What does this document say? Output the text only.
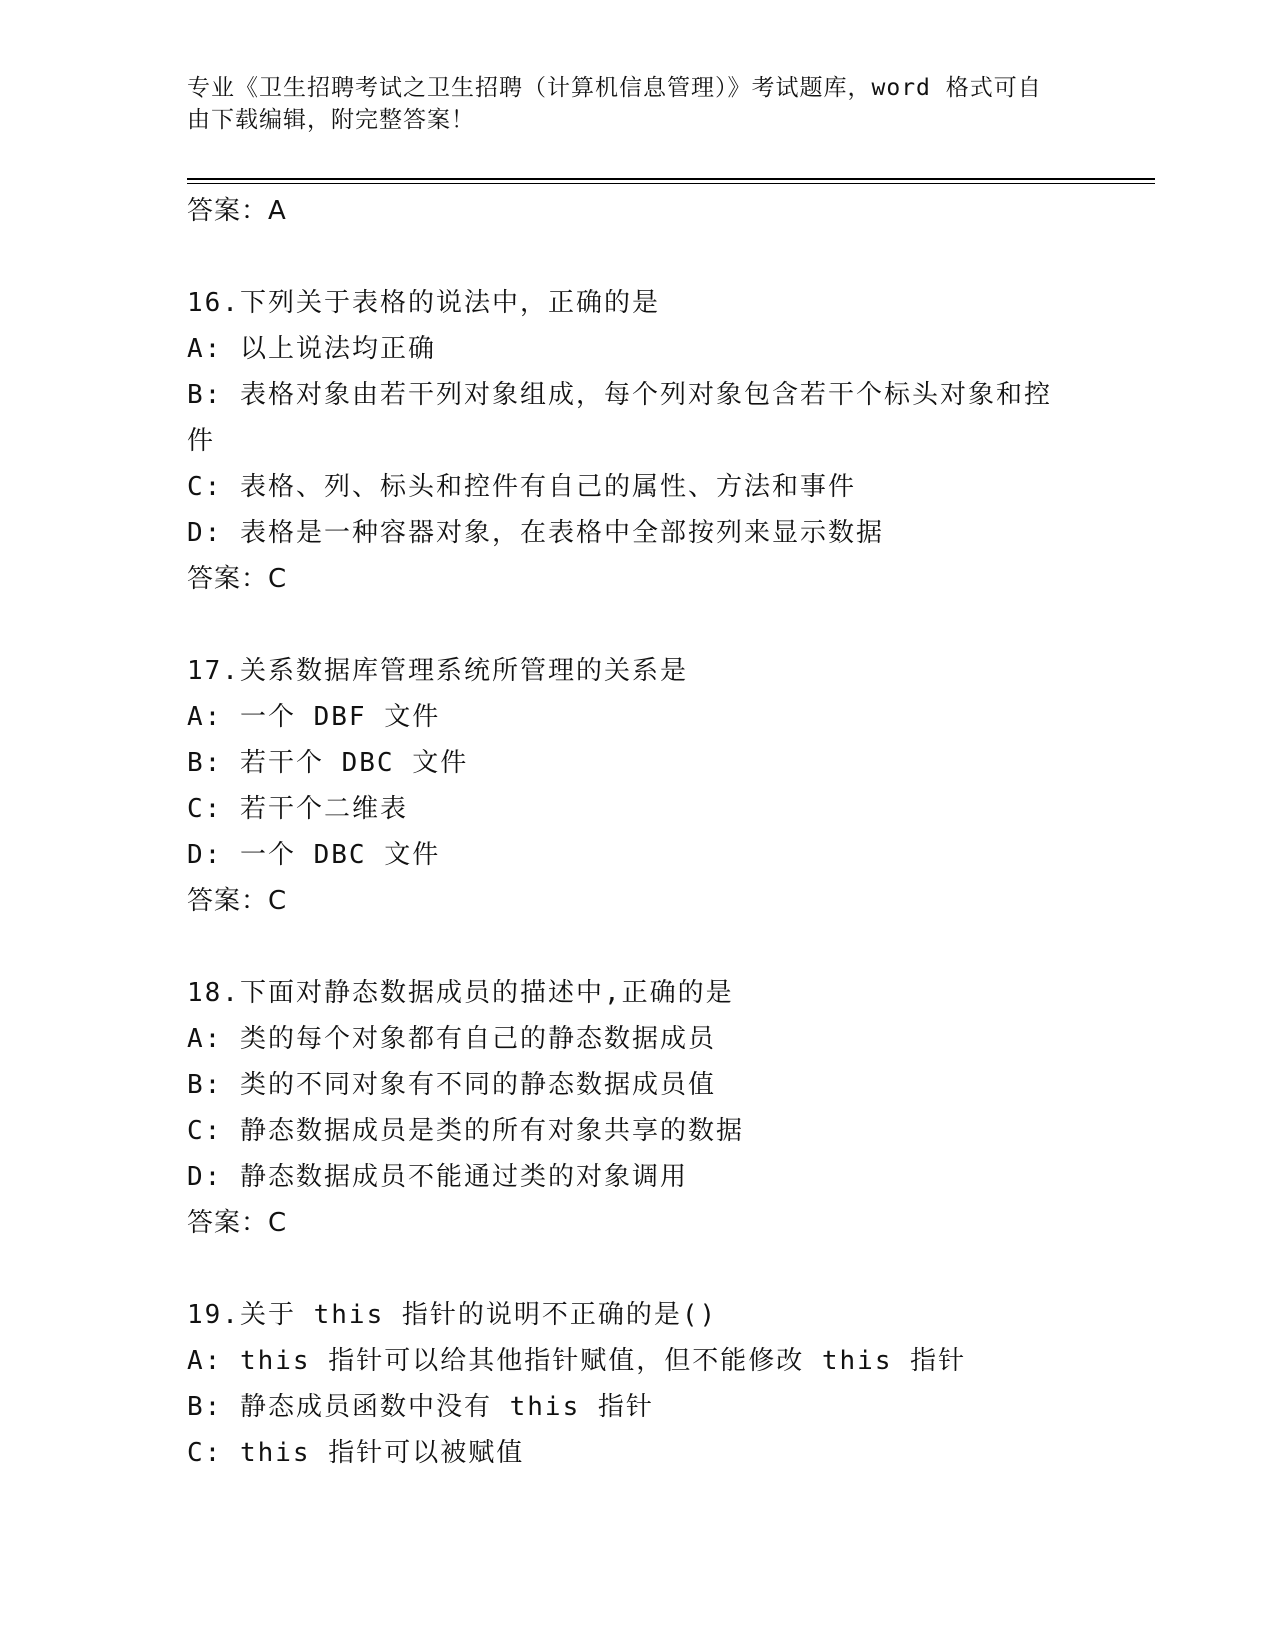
专业《卫生招聘考试之卫生招聘（计算机信息管理）》考试题库，word 格式可自
由下载编辑，附完整答案！
答案：A
16.下列关于表格的说法中，正确的是
A: 以上说法均正确
B: 表格对象由若干列对象组成，每个列对象包含若干个标头对象和控
件
C: 表格、列、标头和控件有自己的属性、方法和事件
D: 表格是一种容器对象，在表格中全部按列来显示数据
答案：C
17.关系数据库管理系统所管理的关系是
A: 一个 DBF 文件
B: 若干个 DBC 文件
C: 若干个二维表
D: 一个 DBC 文件
答案：C
18.下面对静态数据成员的描述中,正确的是
A: 类的每个对象都有自己的静态数据成员
B: 类的不同对象有不同的静态数据成员值
C: 静态数据成员是类的所有对象共享的数据
D: 静态数据成员不能通过类的对象调用
答案：C
19.关于 this 指针的说明不正确的是()
A: this 指针可以给其他指针赋值，但不能修改 this 指针
B: 静态成员函数中没有 this 指针
C: this 指针可以被赋值
